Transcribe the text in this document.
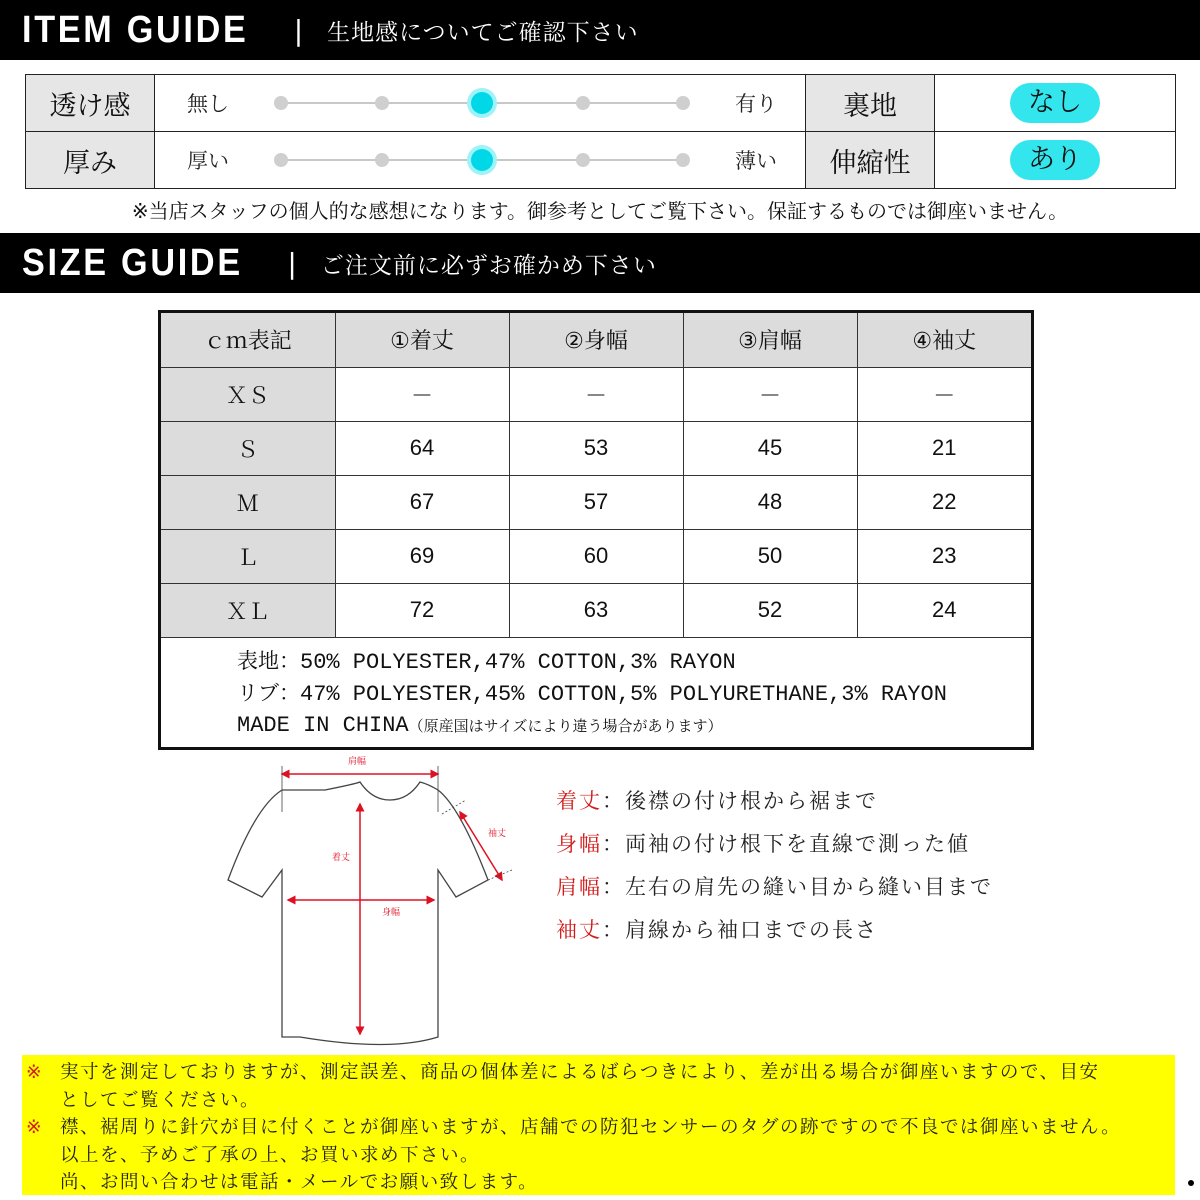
ITEM GUIDE | 生地感についてご確認下さい
透け感	無し 有り	裏地	なし
厚み	厚い 薄い	伸縮性	あり
※当店スタッフの個人的な感想になります。御参考としてご覧下さい。保証するものでは御座いません。
SIZE GUIDE | ご注文前に必ずお確かめ下さい
ｃｍ表記	①着丈	②身幅	③肩幅	④袖丈
ＸＳ	－	－	－	－
Ｓ	64	53	45	21
Ｍ	67	57	48	22
Ｌ	69	60	50	23
ＸＬ	72	63	52	24
表地：50% POLYESTER,47% COTTON,3% RAYON
リブ：47% POLYESTER,45% COTTON,5% POLYURETHANE,3% RAYON
MADE IN CHINA（原産国はサイズにより違う場合があります）
肩幅
着丈
身幅
袖丈
着丈 ：後襟の付け根から裾まで
身幅 ：両袖の付け根下を直線で測った値
肩幅 ：左右の肩先の縫い目から縫い目まで
袖丈 ：肩線から袖口までの長さ
※ 実寸を測定しておりますが、測定誤差、商品の個体差によるばらつきにより、差が出る場合が御座いますので、目安
としてご覧ください。
※ 襟、裾周りに針穴が目に付くことが御座いますが、店舗での防犯センサーのタグの跡ですので不良では御座いません。
以上を、予めご了承の上、お買い求め下さい。
尚、お問い合わせは電話・メールでお願い致します。
